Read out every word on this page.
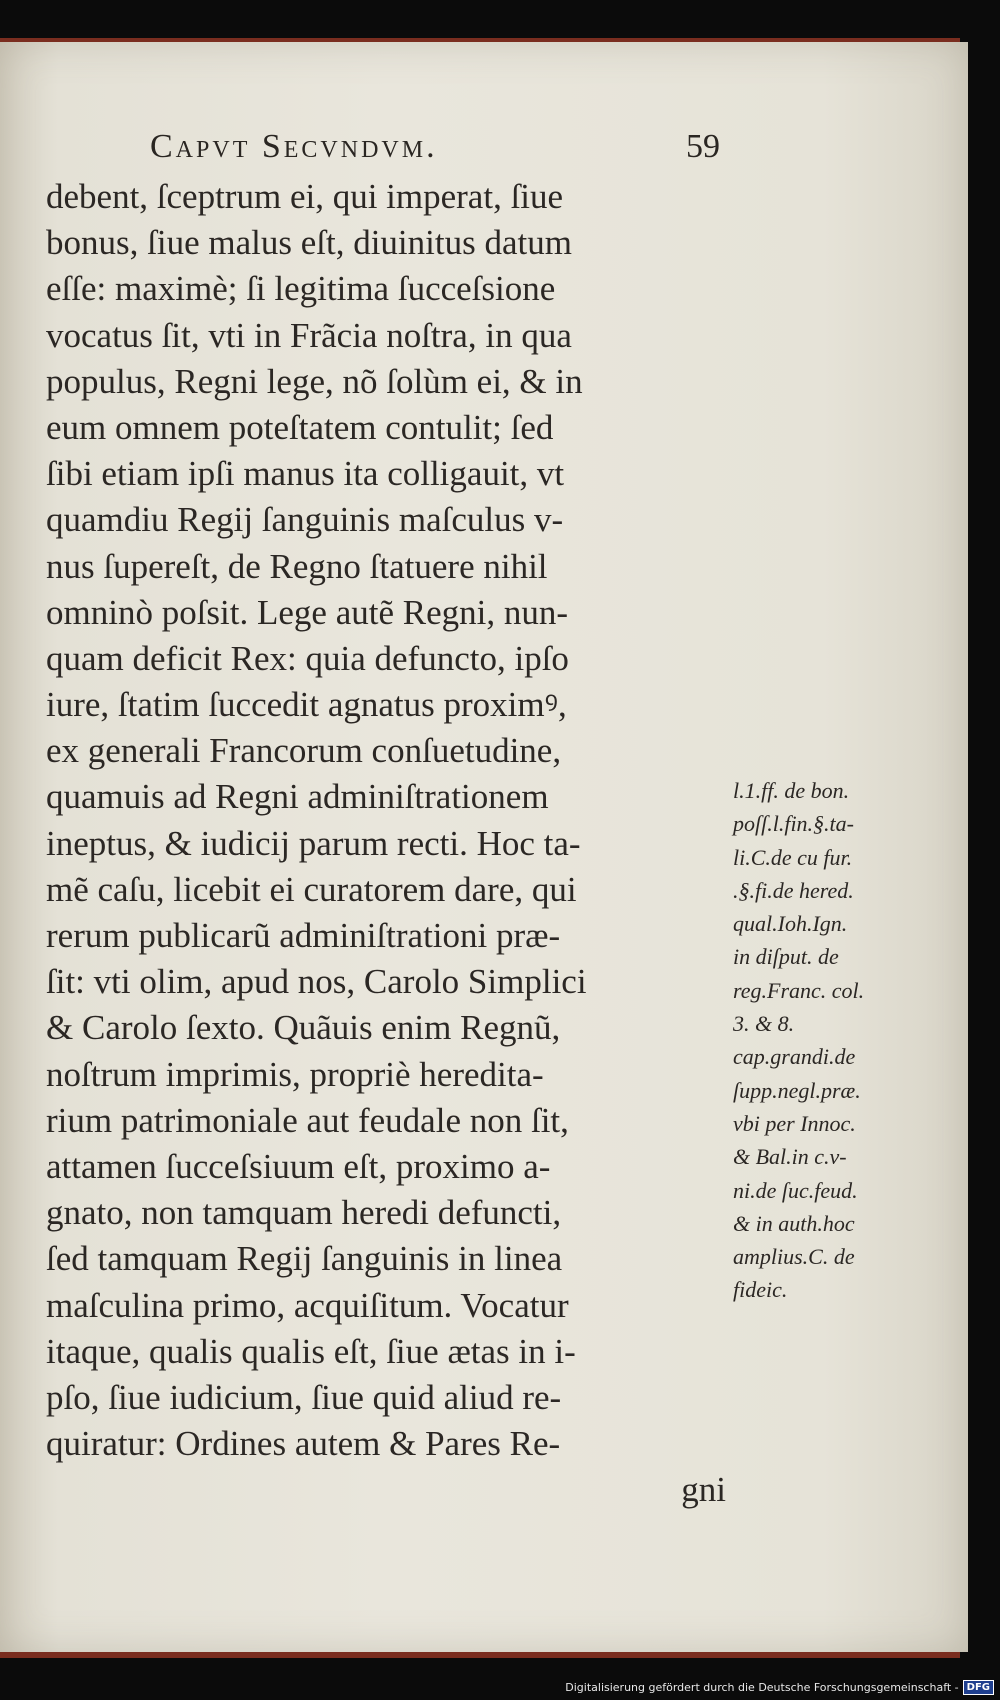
Capvt Secvndvm.	59
debent, ſceptrum ei, qui imperat, ſiue
bonus, ſiue malus eſt, diuinitus datum
eſſe: maximè; ſi legitima ſucceſsione
vocatus ſit, vti in Frãcia noſtra, in qua
populus, Regni lege, nõ ſolùm ei, & in
eum omnem poteſtatem contulit; ſed
ſibi etiam ipſi manus ita colligauit, vt
quamdiu Regij ſanguinis maſculus v-
nus ſupereſt, de Regno ſtatuere nihil
omninò poſsit. Lege autẽ Regni, nun-
quam deficit Rex: quia defuncto, ipſo
iure, ſtatim ſuccedit agnatus proximꝰ,
ex generali Francorum conſuetudine,
quamuis ad Regni adminiſtrationem
ineptus, & iudicij parum recti. Hoc ta-
mẽ caſu, licebit ei curatorem dare, qui
rerum publicarũ adminiſtrationi præ-
ſit: vti olim, apud nos, Carolo Simplici
& Carolo ſexto. Quãuis enim Regnũ,
noſtrum imprimis, propriè heredita-
rium patrimoniale aut feudale non ſit,
attamen ſucceſsiuum eſt, proximo a-
gnato, non tamquam heredi defuncti,
ſed tamquam Regij ſanguinis in linea
maſculina primo, acquiſitum. Vocatur
itaque, qualis qualis eſt, ſiue ætas in i-
pſo, ſiue iudicium, ſiue quid aliud re-
quiratur: Ordines autem & Pares Re-
gni
l.1.ff. de bon.
poſſ.l.fin.§.ta-
li.C.de cu fur.
.§.fi.de hered.
qual.Ioh.Ign.
in diſput. de
reg.Franc. col.
3. & 8.
cap.grandi.de
ſupp.negl.præ.
vbi per Innoc.
& Bal.in c.v-
ni.de ſuc.feud.
& in auth.hoc
amplius.C. de
fideic.
Digitalisierung gefördert durch die Deutsche Forschungsgemeinschaft - DFG
